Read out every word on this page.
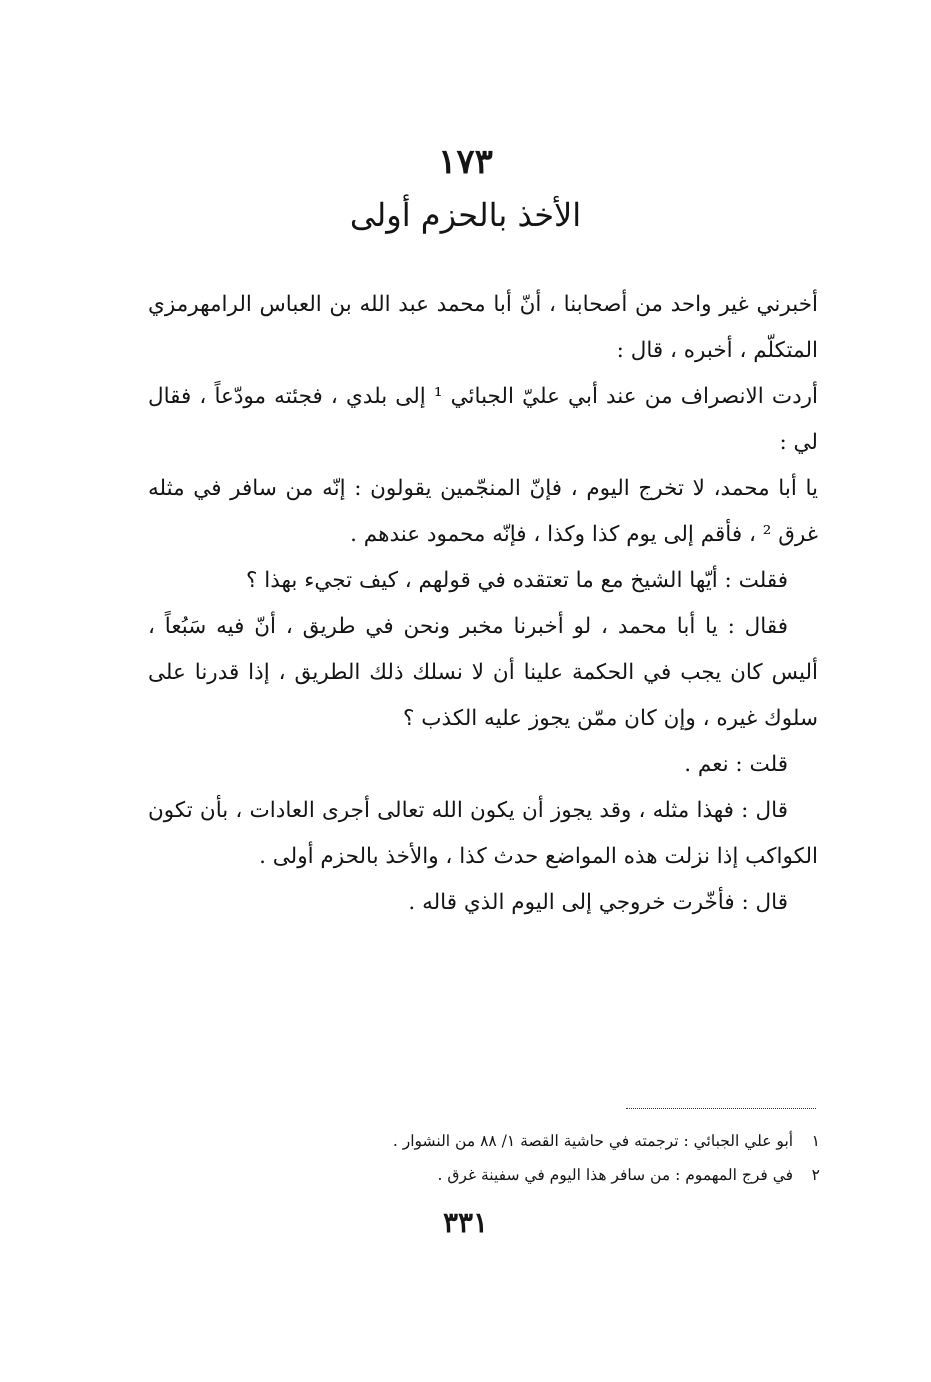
١٧٣
الأخذ بالحزم أولى

أخبرني غير واحد من أصحابنا ، أنّ أبا محمد عبد الله بن العباس الرامهرمزي المتكلّم ، أخبره ، قال :

أردت الانصراف من عند أبي عليّ الجبائي ¹ إلى بلدي ، فجئته مودّعاً ، فقال لي :

يا أبا محمد، لا تخرج اليوم ، فإنّ المنجّمين يقولون : إنّه من سافر في مثله غرق ² ، فأقم إلى يوم كذا وكذا ، فإنّه محمود عندهم .

فقلت : أيّها الشيخ مع ما تعتقده في قولهم ، كيف تجيء بهذا ؟

فقال : يا أبا محمد ، لو أخبرنا مخبر ونحن في طريق ، أنّ فيه سَبُعاً ، أليس كان يجب في الحكمة علينا أن لا نسلك ذلك الطريق ، إذا قدرنا على سلوك غيره ، وإن كان ممّن يجوز عليه الكذب ؟

قلت : نعم .

قال : فهذا مثله ، وقد يجوز أن يكون الله تعالى أجرى العادات ، بأن تكون الكواكب إذا نزلت هذه المواضع حدث كذا ، والأخذ بالحزم أولى .

قال : فأخّرت خروجي إلى اليوم الذي قاله .

١ أبو علي الجبائي : ترجمته في حاشية القصة ١/ ٨٨ من النشوار .

٢ في فرج المهموم : من سافر هذا اليوم في سفينة غرق .

٣٣١
